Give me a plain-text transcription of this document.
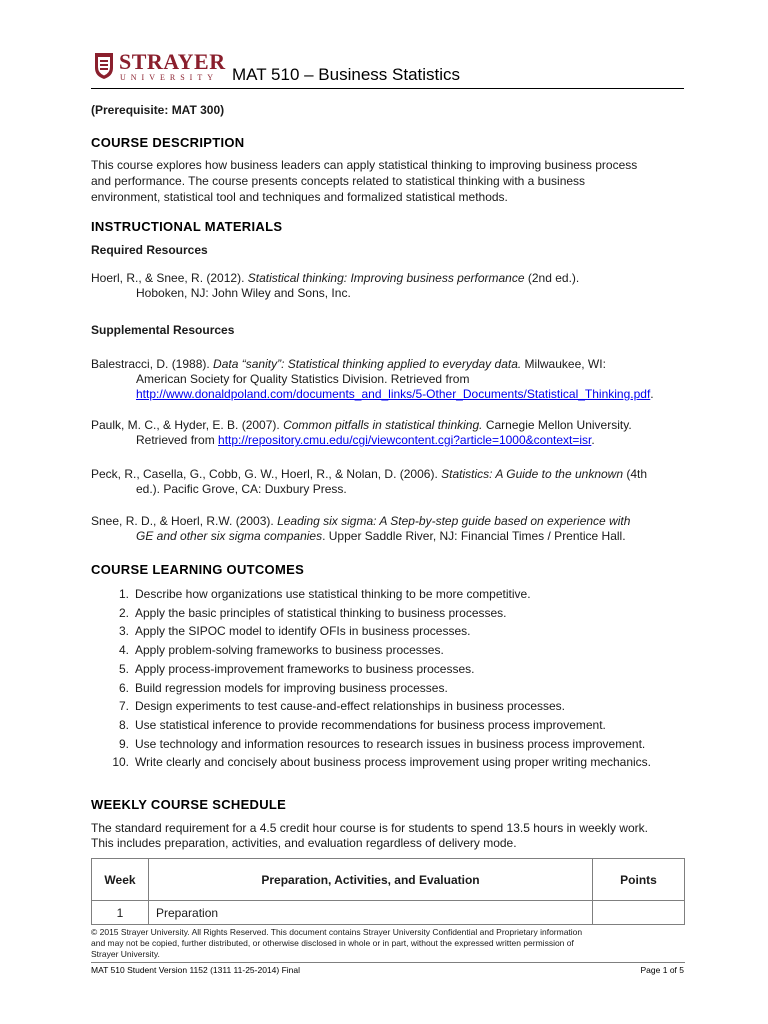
STRAYER
UNIVERSITY MAT 510 – Business Statistics
(Prerequisite: MAT 300)
COURSE DESCRIPTION
This course explores how business leaders can apply statistical thinking to improving business process
and performance. The course presents concepts related to statistical thinking with a business
environment, statistical tool and techniques and formalized statistical methods.
INSTRUCTIONAL MATERIALS
Required Resources
Hoerl, R., & Snee, R. (2012). Statistical thinking: Improving business performance (2nd ed.).
Hoboken, NJ: John Wiley and Sons, Inc.
Supplemental Resources
Balestracci, D. (1988). Data “sanity”: Statistical thinking applied to everyday data. Milwaukee, WI:
American Society for Quality Statistics Division. Retrieved from
http://www.donaldpoland.com/documents_and_links/5-Other_Documents/Statistical_Thinking.pdf.
Paulk, M. C., & Hyder, E. B. (2007). Common pitfalls in statistical thinking. Carnegie Mellon University.
Retrieved from http://repository.cmu.edu/cgi/viewcontent.cgi?article=1000&context=isr.
Peck, R., Casella, G., Cobb, G. W., Hoerl, R., & Nolan, D. (2006). Statistics: A Guide to the unknown (4th
ed.). Pacific Grove, CA: Duxbury Press.
Snee, R. D., & Hoerl, R.W. (2003). Leading six sigma: A Step-by-step guide based on experience with
GE and other six sigma companies. Upper Saddle River, NJ: Financial Times / Prentice Hall.
COURSE LEARNING OUTCOMES
1. Describe how organizations use statistical thinking to be more competitive.
2. Apply the basic principles of statistical thinking to business processes.
3. Apply the SIPOC model to identify OFIs in business processes.
4. Apply problem-solving frameworks to business processes.
5. Apply process-improvement frameworks to business processes.
6. Build regression models for improving business processes.
7. Design experiments to test cause-and-effect relationships in business processes.
8. Use statistical inference to provide recommendations for business process improvement.
9. Use technology and information resources to research issues in business process improvement.
10. Write clearly and concisely about business process improvement using proper writing mechanics.
WEEKLY COURSE SCHEDULE
The standard requirement for a 4.5 credit hour course is for students to spend 13.5 hours in weekly work.
This includes preparation, activities, and evaluation regardless of delivery mode.
Week	Preparation, Activities, and Evaluation	Points
1	Preparation	
© 2015 Strayer University. All Rights Reserved. This document contains Strayer University Confidential and Proprietary information
and may not be copied, further distributed, or otherwise disclosed in whole or in part, without the expressed written permission of
Strayer University.
MAT 510 Student Version 1152 (1311 11-25-2014) Final	Page 1 of 5
